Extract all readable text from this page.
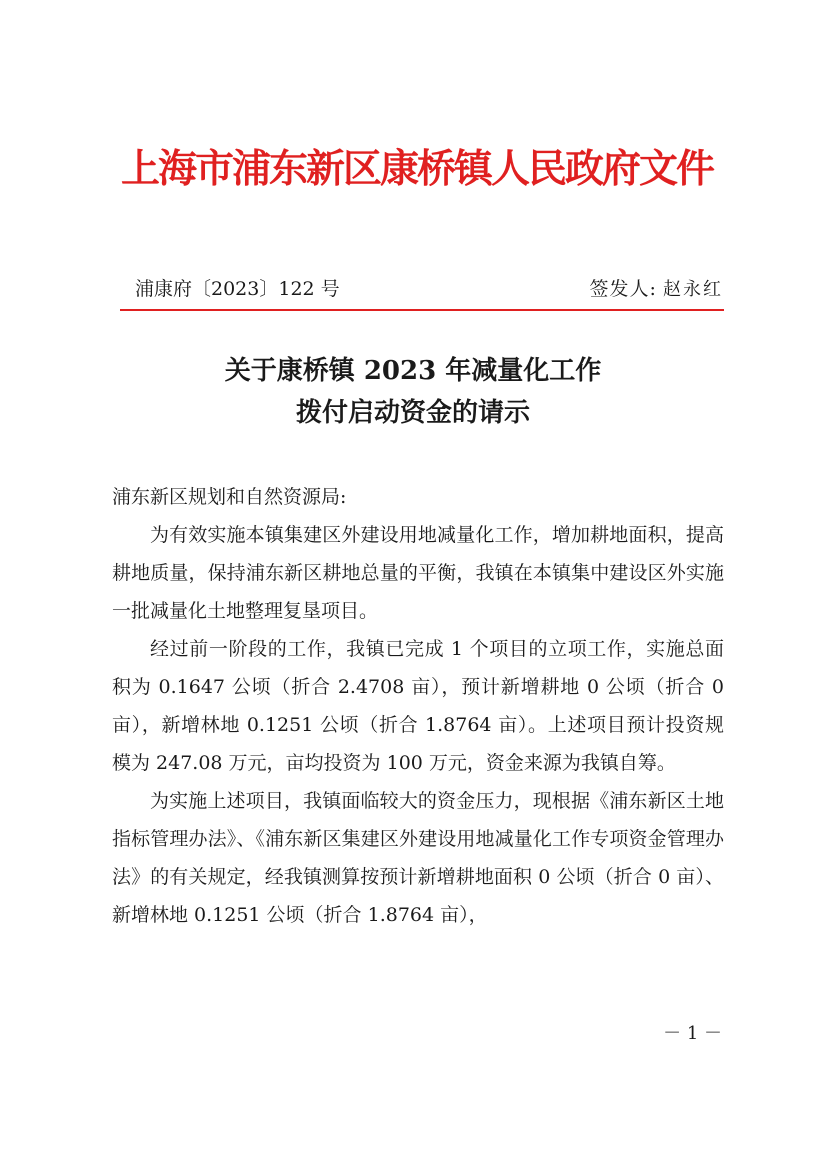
上海市浦东新区康桥镇人民政府文件
浦康府〔2023〕122 号	签发人: 赵永红
关于康桥镇 2023 年减量化工作
拨付启动资金的请示

浦东新区规划和自然资源局:

为有效实施本镇集建区外建设用地减量化工作，增加耕地面积，提高耕地质量，保持浦东新区耕地总量的平衡，我镇在本镇集中建设区外实施一批减量化土地整理复垦项目。

经过前一阶段的工作，我镇已完成 1 个项目的立项工作，实施总面积为 0.1647 公顷（折合 2.4708 亩），预计新增耕地 0 公顷（折合 0 亩），新增林地 0.1251 公顷（折合 1.8764 亩）。上述项目预计投资规模为 247.08 万元，亩均投资为 100 万元，资金来源为我镇自筹。

为实施上述项目，我镇面临较大的资金压力，现根据《浦东新区土地指标管理办法》、《浦东新区集建区外建设用地减量化工作专项资金管理办法》的有关规定，经我镇测算按预计新增耕地面积 0 公顷（折合 0 亩）、新增林地 0.1251 公顷（折合 1.8764 亩），

－ 1 －
